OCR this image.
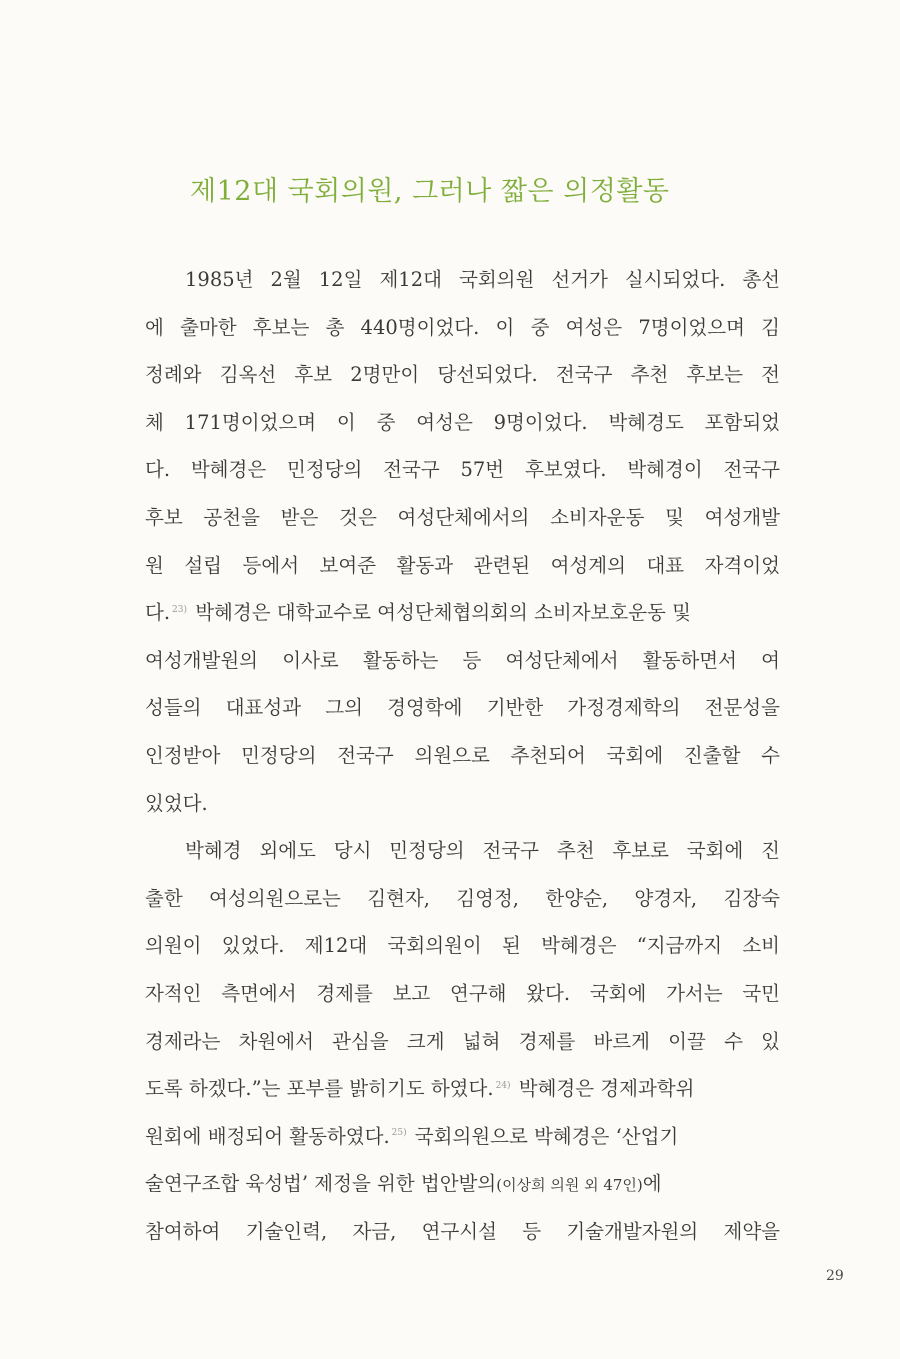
제12대 국회의원, 그러나 짧은 의정활동
1985년 2월 12일 제12대 국회의원 선거가 실시되었다. 총선
에 출마한 후보는 총 440명이었다. 이 중 여성은 7명이었으며 김
정례와 김옥선 후보 2명만이 당선되었다. 전국구 추천 후보는 전
체 171명이었으며 이 중 여성은 9명이었다. 박혜경도 포함되었
다. 박혜경은 민정당의 전국구 57번 후보였다. 박혜경이 전국구
후보 공천을 받은 것은 여성단체에서의 소비자운동 및 여성개발
원 설립 등에서 보여준 활동과 관련된 여성계의 대표 자격이었
다. $^{23)}$ 박혜경은 대학교수로 여성단체협의회의 소비자보호운동 및
여성개발원의 이사로 활동하는 등 여성단체에서 활동하면서 여
성들의 대표성과 그의 경영학에 기반한 가정경제학의 전문성을
인정받아 민정당의 전국구 의원으로 추천되어 국회에 진출할 수
있었다.
박혜경 외에도 당시 민정당의 전국구 추천 후보로 국회에 진
출한 여성의원으로는 김현자, 김영정, 한양순, 양경자, 김장숙
의원이 있었다. 제12대 국회의원이 된 박혜경은 “지금까지 소비
자적인 측면에서 경제를 보고 연구해 왔다. 국회에 가서는 국민
경제라는 차원에서 관심을 크게 넓혀 경제를 바르게 이끌 수 있
도록 하겠다.”는 포부를 밝히기도 하였다. $^{24)}$ 박혜경은 경제과학위
원회에 배정되어 활동하였다. $^{25)}$ 국회의원으로 박혜경은 ‘산업기
술연구조합 육성법’ 제정을 위한 법안발의(이상희 의원 외 47인)에
참여하여 기술인력, 자금, 연구시설 등 기술개발자원의 제약을
29
